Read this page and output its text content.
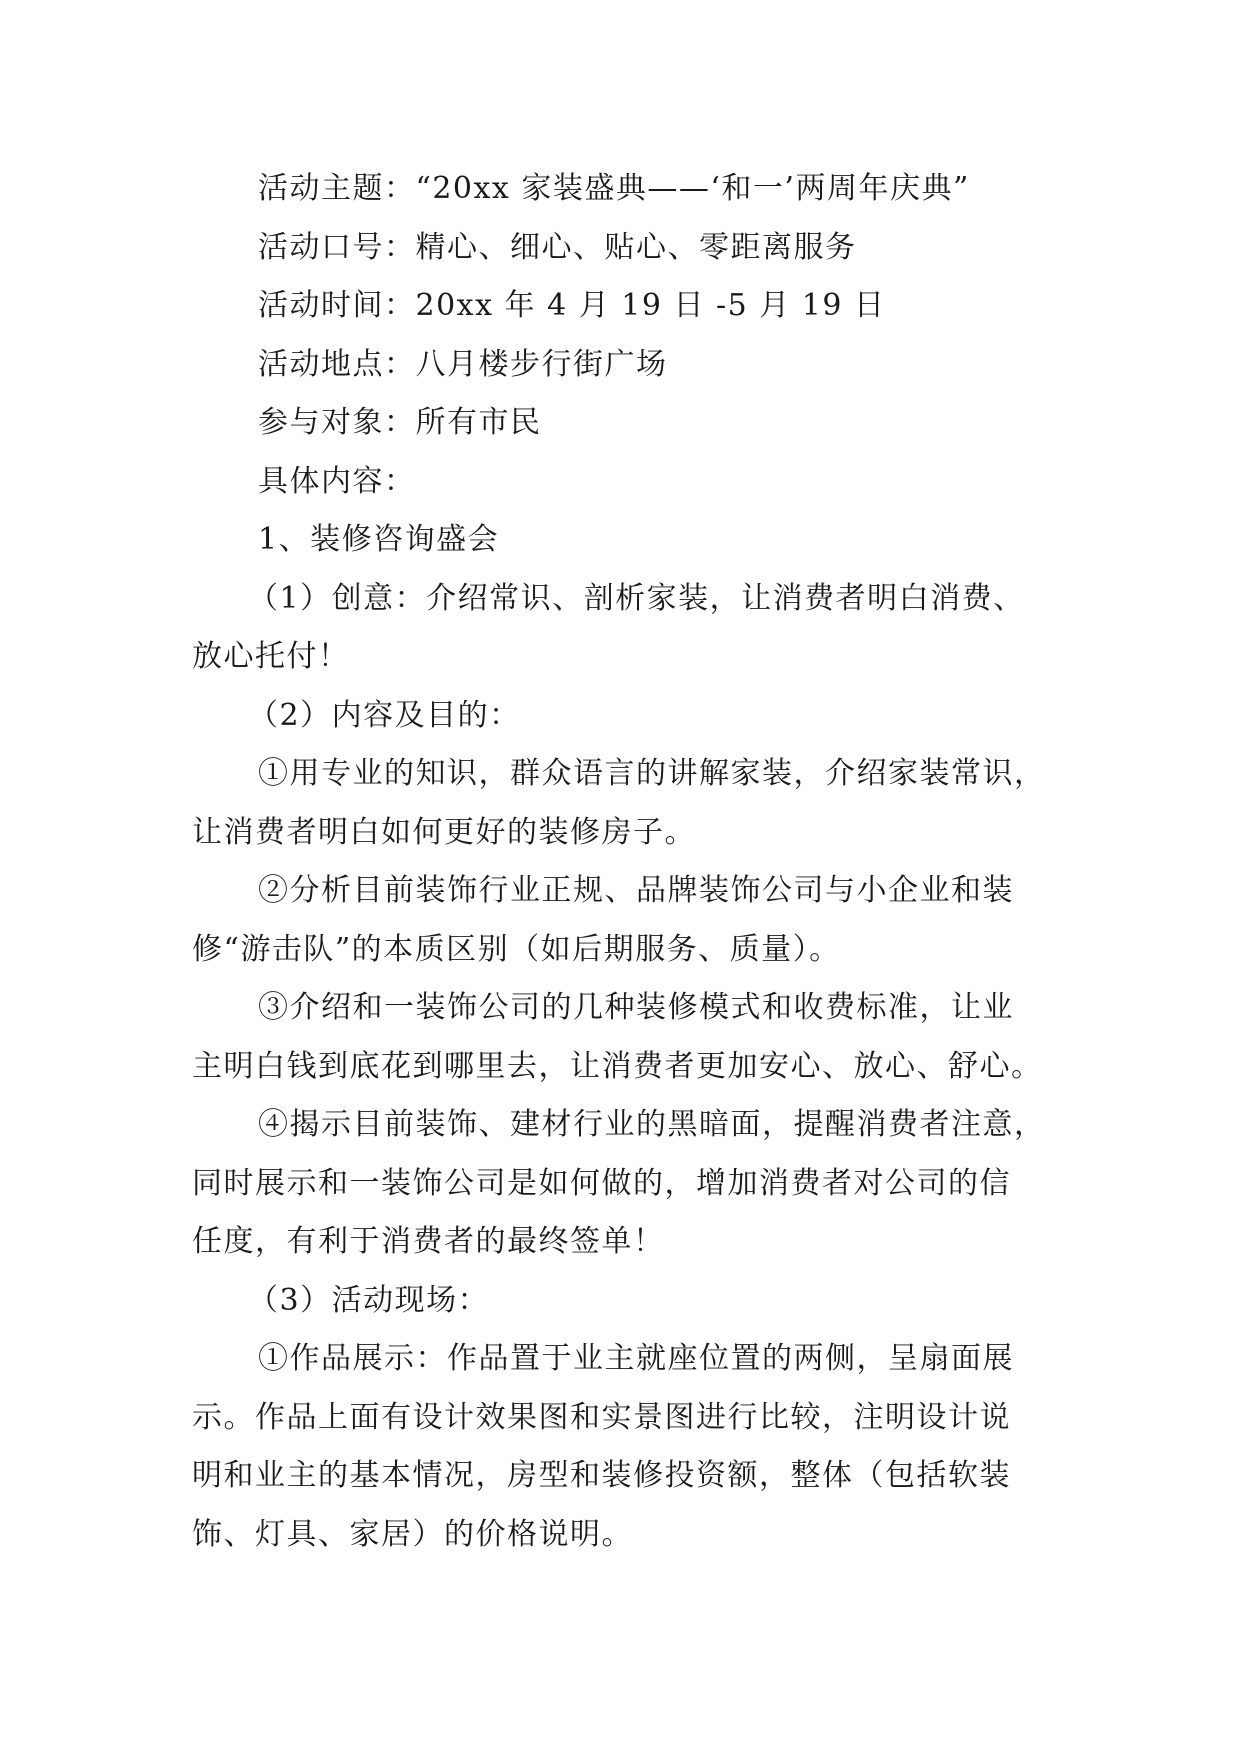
活动主题：“20xx 家装盛典——‘和一’两周年庆典”
活动口号：精心、细心、贴心、零距离服务
活动时间：20xx 年 4 月 19 日 -5 月 19 日
活动地点：八月楼步行街广场
参与对象：所有市民
具体内容：
1、装修咨询盛会
（1）创意：介绍常识、剖析家装，让消费者明白消费、
放心托付！
（2）内容及目的：
①用专业的知识，群众语言的讲解家装，介绍家装常识，
让消费者明白如何更好的装修房子。
②分析目前装饰行业正规、品牌装饰公司与小企业和装
修“游击队”的本质区别（如后期服务、质量）。
③介绍和一装饰公司的几种装修模式和收费标准，让业
主明白钱到底花到哪里去，让消费者更加安心、放心、舒心。
④揭示目前装饰、建材行业的黑暗面，提醒消费者注意，
同时展示和一装饰公司是如何做的，增加消费者对公司的信
任度，有利于消费者的最终签单！
（3）活动现场：
①作品展示：作品置于业主就座位置的两侧，呈扇面展
示。作品上面有设计效果图和实景图进行比较，注明设计说
明和业主的基本情况，房型和装修投资额，整体（包括软装
饰、灯具、家居）的价格说明。
